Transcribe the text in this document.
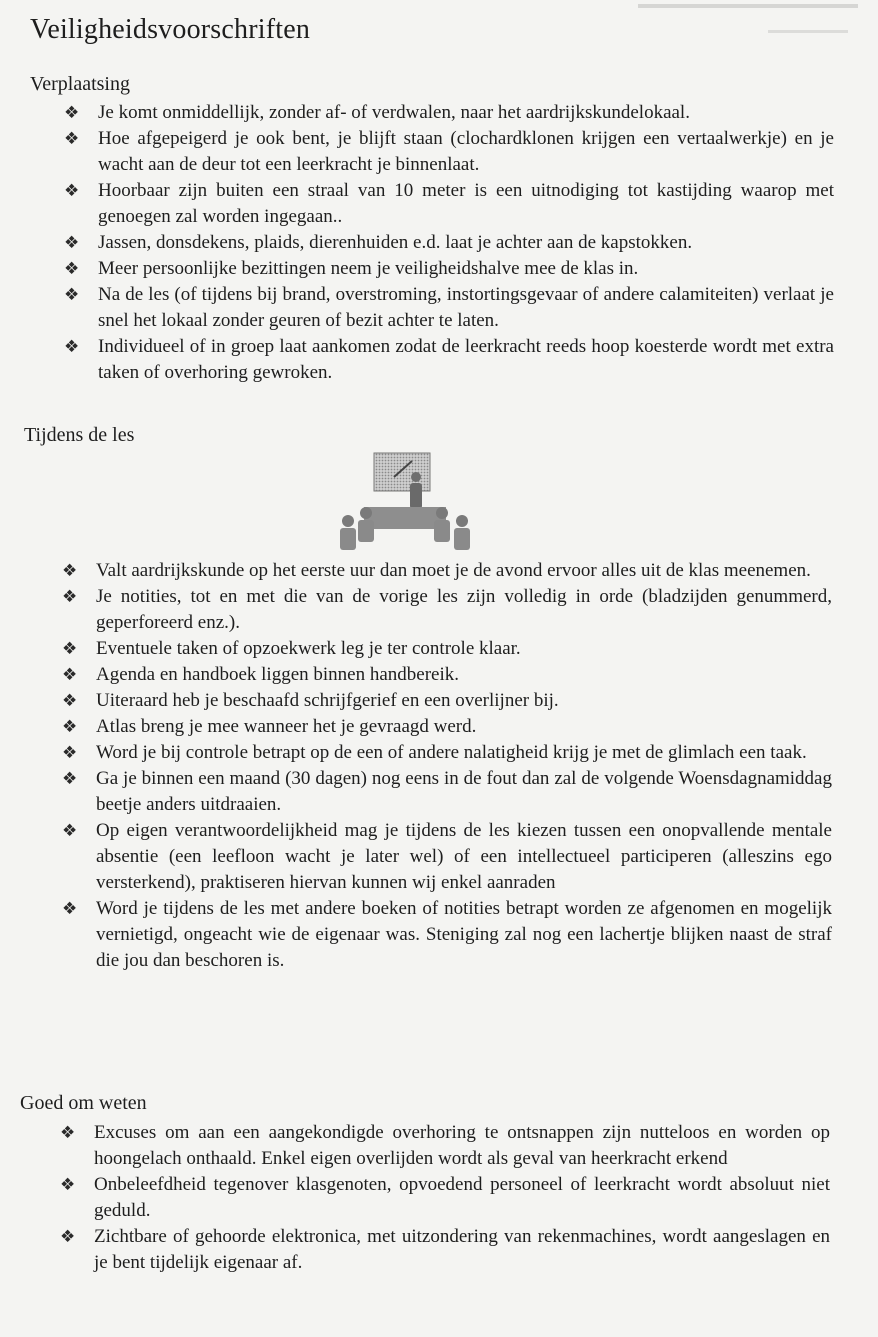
Veiligheidsvoorschriften
Verplaatsing
❖ Je komt onmiddellijk, zonder af- of verdwalen, naar het aardrijkskundelokaal.
❖ Hoe afgepeigerd je ook bent, je blijft staan (clochardklonen krijgen een vertaalwerkje) en je wacht aan de deur tot een leerkracht je binnenlaat.
❖ Hoorbaar zijn buiten een straal van 10 meter is een uitnodiging tot kastijding waarop met genoegen zal worden ingegaan..
❖ Jassen, donsdekens, plaids, dierenhuiden e.d. laat je achter aan de kapstokken.
❖ Meer persoonlijke bezittingen neem je veiligheidshalve mee de klas in.
❖ Na de les (of tijdens bij brand, overstroming, instortingsgevaar of andere calamiteiten) verlaat je snel het lokaal zonder geuren of bezit achter te laten.
❖ Individueel of in groep laat aankomen zodat de leerkracht reeds hoop koesterde wordt met extra taken of overhoring gewroken.
Tijdens de les
❖ Valt aardrijkskunde op het eerste uur dan moet je de avond ervoor alles uit de klas meenemen.
❖ Je notities, tot en met die van de vorige les zijn volledig in orde (bladzijden genummerd, geperforeerd enz.).
❖ Eventuele taken of opzoekwerk leg je ter controle klaar.
❖ Agenda en handboek liggen binnen handbereik.
❖ Uiteraard heb je beschaafd schrijfgerief en een overlijner bij.
❖ Atlas breng je mee wanneer het je gevraagd werd.
❖ Word je bij controle betrapt op de een of andere nalatigheid krijg je met de glimlach een taak.
❖ Ga je binnen een maand (30 dagen) nog eens in de fout dan zal de volgende Woensdagnamiddag beetje anders uitdraaien.
❖ Op eigen verantwoordelijkheid mag je tijdens de les kiezen tussen een onopvallende mentale absentie (een leefloon wacht je later wel) of een intellectueel participeren (alleszins ego versterkend), praktiseren hiervan kunnen wij enkel aanraden
❖ Word je tijdens de les met andere boeken of notities betrapt worden ze afgenomen en mogelijk vernietigd, ongeacht wie de eigenaar was. Steniging zal nog een lachertje blijken naast de straf die jou dan beschoren is.
Goed om weten
❖ Excuses om aan een aangekondigde overhoring te ontsnappen zijn nutteloos en worden op hoongelach onthaald. Enkel eigen overlijden wordt als geval van heerkracht erkend
❖ Onbeleefdheid tegenover klasgenoten, opvoedend personeel of leerkracht wordt absoluut niet geduld.
❖ Zichtbare of gehoorde elektronica, met uitzondering van rekenmachines, wordt aangeslagen en je bent tijdelijk eigenaar af.
